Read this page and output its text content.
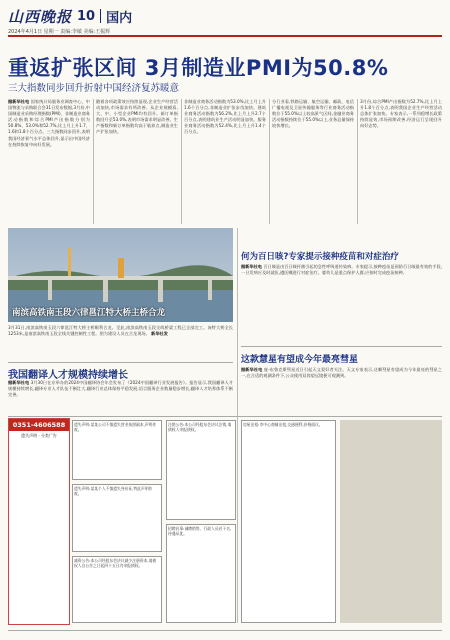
山西晚报 10 国内
2024年4月1日 星期一 责编:李敏 美编:王振辉
重返扩张区间 3月制造业PMI为50.8%
三大指数同步回升折射中国经济复苏暖意
据新华社电 国家统计局服务业调查中心、中国物流与采购联合会31日发布数据,3月份,中国制造业采购经理指数(PMI)、非制造业商务活动指数和综合PMI产出指数分别为50.8%、53.0%和52.7%,比上月上升1.7、1.6和1.8个百分点。三大指数同步回升,表明我国经济景气水平总体回升,显示出中国经济在持续恢复中向好发展。
随着各项政策效应持续显现,企业生产经营活动加快,市场需求有所改善。从企业规模看,大、中、小型企业PMI均有回升。新订单指数回升至53.0%,表明市场需求明显改善。生产指数和新订单指数均高于临界点,制造业生产扩张加快。
非制造业商务活动指数为53.0%,比上月上升1.6个百分点,非制造业扩张步伐加快。建筑业商务活动指数为56.2%,比上月上升2.7个百分点,表明建筑业生产活动明显加快。服务业商务活动指数为52.4%,比上月上升1.4个百分点。
分行业看,铁路运输、航空运输、邮政、电信广播电视及卫星传输服务等行业商务活动指数位于55.0%以上较高景气区间,金融业商务活动指数持续位于55.0%以上,业务总量保持较快增长。
3月份,综合PMI产出指数为52.7%,比上月上升1.8个百分点,表明我国企业生产经营活动总体扩张加快。专家表示,一系列稳增长政策持续显效,市场预期改善,经济运行呈现回升向好态势。
南滨高铁南玉段六律邕江特大桥主桥合龙
3月31日,南滨高铁南玉段六律邕江特大桥主桥顺利合龙。至此,南滨高铁南玉段全线桥梁工程已全部完工。该特大桥全长1253米,是南滨高铁南玉段全线关键控制性工程。图为建设人员在合龙现场。 新华社发
我国翻译人才规模持续增长
据新华社电 3月30日在京举办的2024中国翻译协会年会发布了《2024中国翻译行业发展报告》。报告显示,我国翻译人才规模持续增长,翻译专业人才队伍不断壮大,翻译行业总体保持平稳发展,语言服务企业数量稳步增长,翻译人才培养体系不断完善。
何为百日咳?专家提示接种疫苗和对症治疗
据新华社电 百日咳是由百日咳杆菌引起的急性呼吸道传染病。专家提示,接种疫苗是预防百日咳最有效的手段,一旦发病应及时就医,遵医嘱进行对症治疗。婴幼儿是重点保护人群,应按时完成疫苗接种。
这款慧星有望成今年最亮彗星
据新华社电 庞-布鲁克斯彗星近日引起天文爱好者关注。天文专家表示,这颗彗星有望成为今年最亮的彗星之一,在合适的观测条件下,公众使用双筒望远镜便可观测到。
0351-4606588
遗失声明 · 分类广告
遗失声明:某某公司不慎遗失营业执照副本,声明作废。
遗失声明:某某个人不慎遗失身份证,特此声明作废。
减资公告:本公司经股东会决议减少注册资本,请债权人自公告之日起四十五日内申报债权。
注销公告:本公司经股东会决议注销,请债权人申报债权。
招聘启事:诚聘销售、行政人员若干名,待遇从优。
房屋出租:市中心商铺出租,交通便利,价格面议。
